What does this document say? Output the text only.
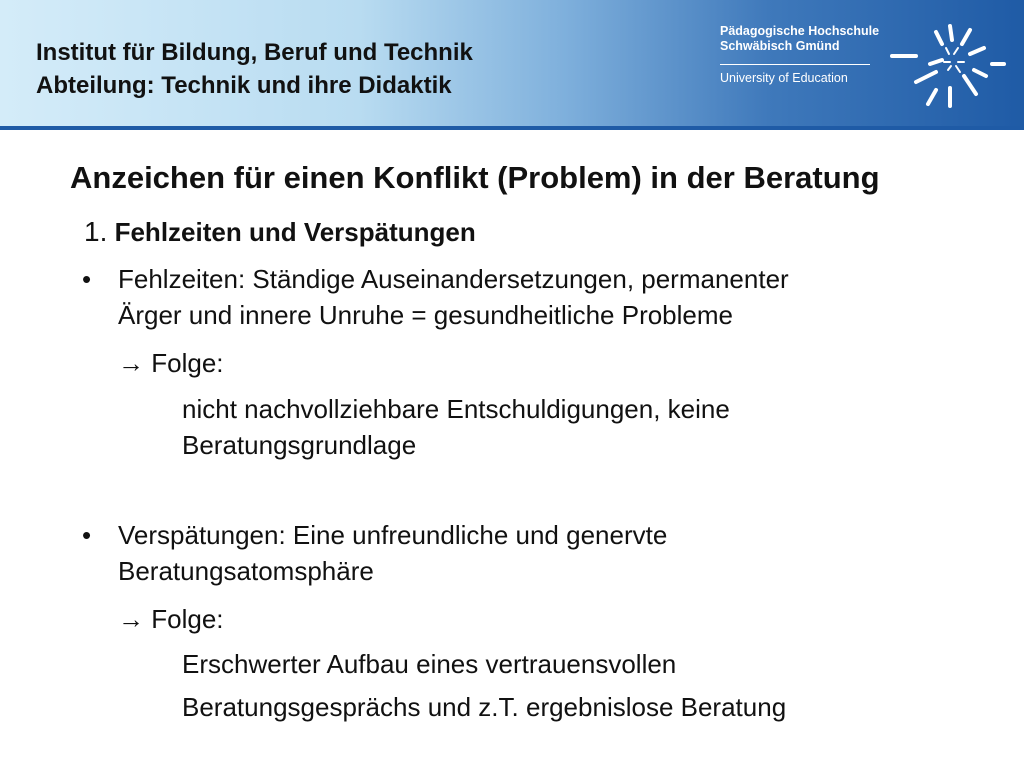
Institut für Bildung, Beruf und Technik
Abteilung: Technik und ihre Didaktik
Pädagogische Hochschule
Schwäbisch Gmünd
University of Education
Anzeichen für einen Konflikt (Problem) in der Beratung
1. Fehlzeiten und Verspätungen
• Fehlzeiten: Ständige Auseinandersetzungen, permanenter
Ärger und innere Unruhe = gesundheitliche Probleme
→ Folge:
nicht nachvollziehbare Entschuldigungen, keine
Beratungsgrundlage
• Verspätungen: Eine unfreundliche und genervte
Beratungsatomsphäre
→ Folge:
Erschwerter Aufbau eines vertrauensvollen
Beratungsgesprächs und z.T. ergebnislose Beratung
